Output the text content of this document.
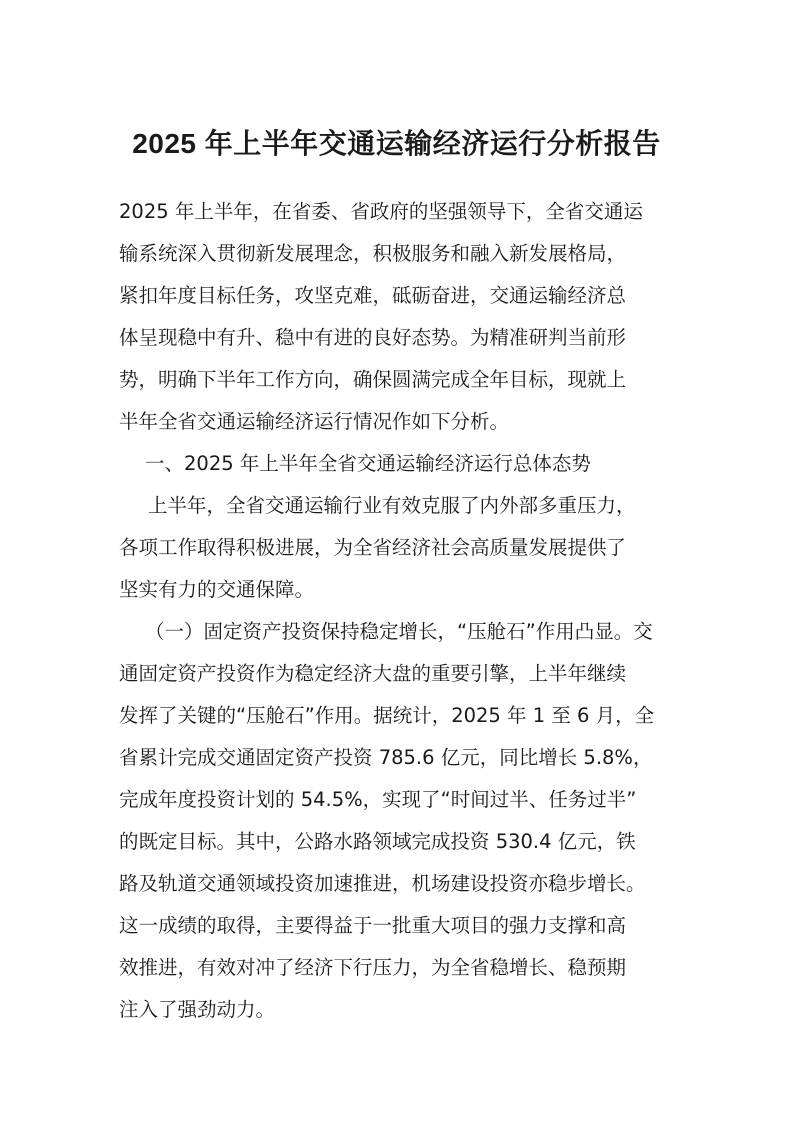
2025 年上半年交通运输经济运行分析报告

2025 年上半年，在省委、省政府的坚强领导下，全省交通运

输系统深入贯彻新发展理念，积极服务和融入新发展格局，

紧扣年度目标任务，攻坚克难，砥砺奋进，交通运输经济总

体呈现稳中有升、稳中有进的良好态势。为精准研判当前形

势，明确下半年工作方向，确保圆满完成全年目标，现就上

半年全省交通运输经济运行情况作如下分析。

一、2025 年上半年全省交通运输经济运行总体态势

上半年，全省交通运输行业有效克服了内外部多重压力，

各项工作取得积极进展，为全省经济社会高质量发展提供了

坚实有力的交通保障。

（一）固定资产投资保持稳定增长，“压舱石”作用凸显。交

通固定资产投资作为稳定经济大盘的重要引擎，上半年继续

发挥了关键的“压舱石”作用。据统计，2025 年 1 至 6 月，全

省累计完成交通固定资产投资 785.6 亿元，同比增长 5.8%，

完成年度投资计划的 54.5%，实现了“时间过半、任务过半”

的既定目标。其中，公路水路领域完成投资 530.4 亿元，铁

路及轨道交通领域投资加速推进，机场建设投资亦稳步增长。

这一成绩的取得，主要得益于一批重大项目的强力支撑和高

效推进，有效对冲了经济下行压力，为全省稳增长、稳预期

注入了强劲动力。
